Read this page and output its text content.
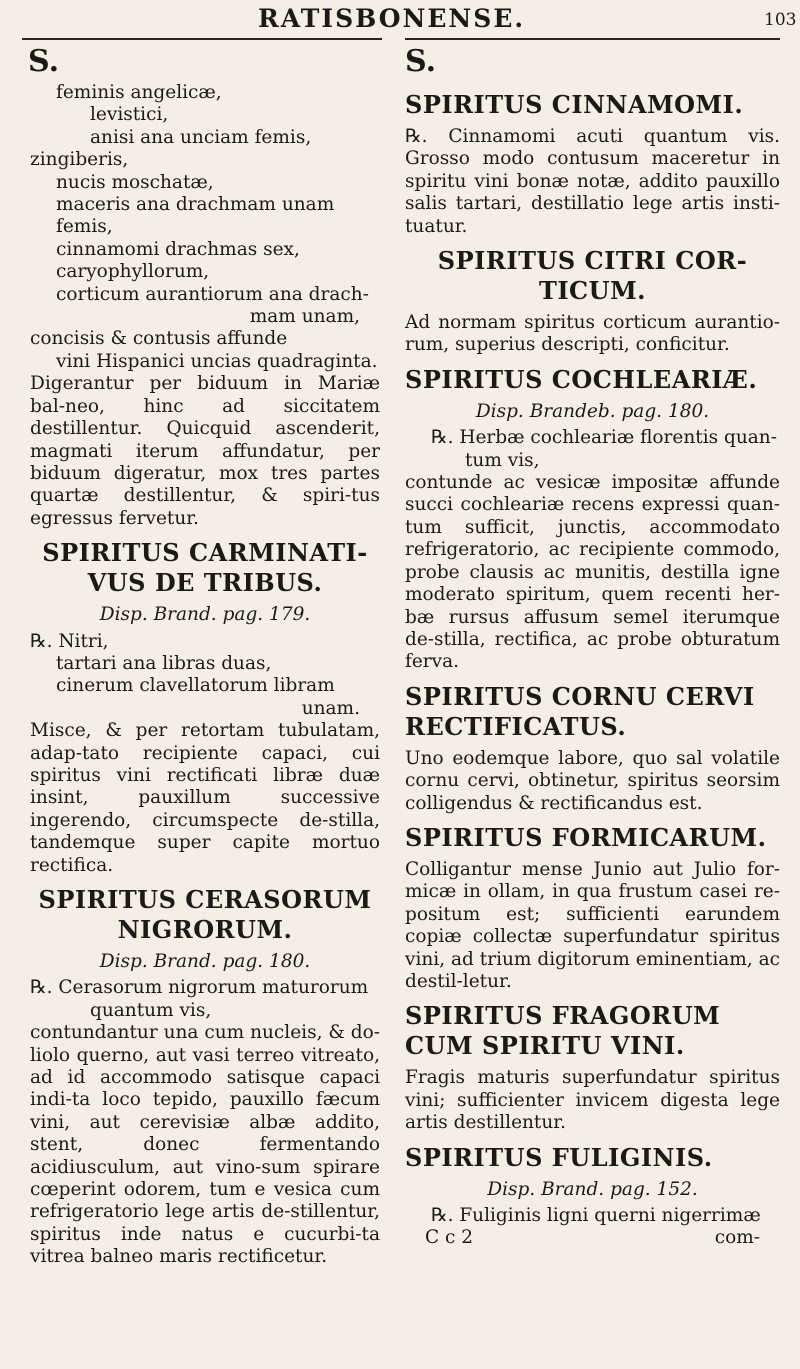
RATISBONENSE.	103
S.	S.

feminis angelicæ,

levistici,

anisi ana unciam femis,

zingiberis,

nucis moschatæ,

maceris ana drachmam unam femis,

cinnamomi drachmas sex,

caryophyllorum,

corticum aurantiorum ana drach-

mam unam,

concisis & contusis affunde

vini Hispanici uncias quadraginta.

Digerantur per biduum in Mariæ bal-neo, hinc ad siccitatem destillentur. Quicquid ascenderit, magmati iterum affundatur, per biduum digeratur, mox tres partes quartæ destillentur, & spiri-tus egressus fervetur.

SPIRITUS CARMINATI-VUS DE TRIBUS.

Disp. Brand. pag. 179.

℞. Nitri,

tartari ana libras duas,

cinerum clavellatorum libram

unam.

Misce, & per retortam tubulatam, adap-tato recipiente capaci, cui spiritus vini rectificati libræ duæ insint, pauxillum successive ingerendo, circumspecte de-stilla, tandemque super capite mortuo rectifica.

SPIRITUS CERASORUM NIGRORUM.

Disp. Brand. pag. 180.

℞. Cerasorum nigrorum maturorum

quantum vis,

contundantur una cum nucleis, & do-liolo querno, aut vasi terreo vitreato, ad id accommodo satisque capaci indi-ta loco tepido, pauxillo fæcum vini, aut cerevisiæ albæ addito, stent, donec fermentando acidiusculum, aut vino-sum spirare cœperint odorem, tum e vesica cum refrigeratorio lege artis de-stillentur, spiritus inde natus e cucurbi-ta vitrea balneo maris rectificetur.

SPIRITUS CINNAMOMI.

℞. Cinnamomi acuti quantum vis. Grosso modo contusum maceretur in spiritu vini bonæ notæ, addito pauxillo salis tartari, destillatio lege artis insti-tuatur.

SPIRITUS CITRI COR-TICUM.

Ad normam spiritus corticum aurantio-rum, superius descripti, conficitur.

SPIRITUS COCHLEARIÆ.

Disp. Brandeb. pag. 180.

℞. Herbæ cochleariæ florentis quan-

tum vis,

contunde ac vesicæ impositæ affunde succi cochleariæ recens expressi quan-tum sufficit, junctis, accommodato refrigeratorio, ac recipiente commodo, probe clausis ac munitis, destilla igne moderato spiritum, quem recenti her-bæ rursus affusum semel iterumque de-stilla, rectifica, ac probe obturatum ferva.

SPIRITUS CORNU CERVI RECTIFICATUS.

Uno eodemque labore, quo sal volatile cornu cervi, obtinetur, spiritus seorsim colligendus & rectificandus est.

SPIRITUS FORMICARUM.

Colligantur mense Junio aut Julio for-micæ in ollam, in qua frustum casei re-positum est; sufficienti earundem copiæ collectæ superfundatur spiritus vini, ad trium digitorum eminentiam, ac destil-letur.

SPIRITUS FRAGORUM CUM SPIRITU VINI.

Fragis maturis superfundatur spiritus vini; sufficienter invicem digesta lege artis destillentur.

SPIRITUS FULIGINIS.

Disp. Brand. pag. 152.

℞. Fuliginis ligni querni nigerrimæ

C c 2	com-
